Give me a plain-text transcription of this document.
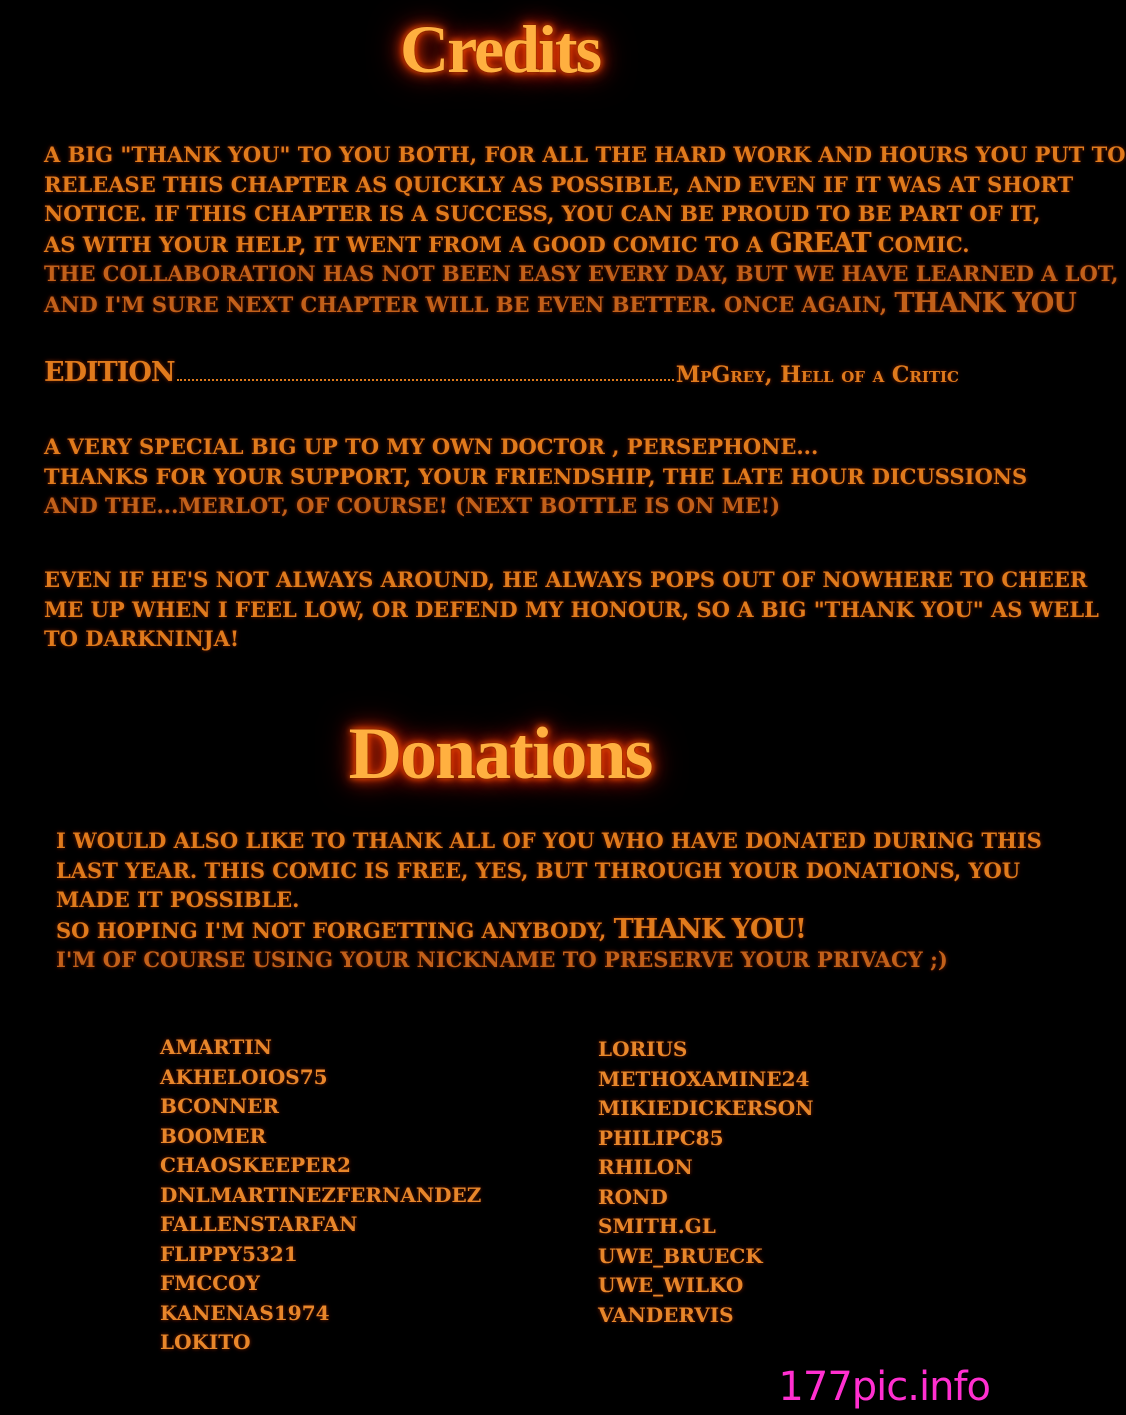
Credits
A BIG "THANK YOU" TO YOU BOTH, FOR ALL THE HARD WORK AND HOURS YOU PUT TO
RELEASE THIS CHAPTER AS QUICKLY AS POSSIBLE, AND EVEN IF IT WAS AT SHORT
NOTICE. IF THIS CHAPTER IS A SUCCESS, YOU CAN BE PROUD TO BE PART OF IT,
AS WITH YOUR HELP, IT WENT FROM A GOOD COMIC TO A GREAT COMIC.
THE COLLABORATION HAS NOT BEEN EASY EVERY DAY, BUT WE HAVE LEARNED A LOT,
AND I'M SURE NEXT CHAPTER WILL BE EVEN BETTER. ONCE AGAIN, THANK YOU
EDITION	MpGrey, Hell of a Critic
A VERY SPECIAL BIG UP TO MY OWN DOCTOR , PERSEPHONE...
THANKS FOR YOUR SUPPORT, YOUR FRIENDSHIP, THE LATE HOUR DICUSSIONS
AND THE...MERLOT, OF COURSE! (NEXT BOTTLE IS ON ME!)
EVEN IF HE'S NOT ALWAYS AROUND, HE ALWAYS POPS OUT OF NOWHERE TO CHEER
ME UP WHEN I FEEL LOW, OR DEFEND MY HONOUR, SO A BIG "THANK YOU" AS WELL
TO DARKNINJA!
Donations
I WOULD ALSO LIKE TO THANK ALL OF YOU WHO HAVE DONATED DURING THIS
LAST YEAR. THIS COMIC IS FREE, YES, BUT THROUGH YOUR DONATIONS, YOU
MADE IT POSSIBLE.
SO HOPING I'M NOT FORGETTING ANYBODY, THANK YOU!
I'M OF COURSE USING YOUR NICKNAME TO PRESERVE YOUR PRIVACY ;)
AMARTIN
AKHELOIOS75
BCONNER
BOOMER
CHAOSKEEPER2
DNLMARTINEZFERNANDEZ
FALLENSTARFAN
FLIPPY5321
FMCCOY
KANENAS1974
LOKITO
LORIUS
METHOXAMINE24
MIKIEDICKERSON
PHILIPC85
RHILON
ROND
SMITH.GL
UWE_BRUECK
UWE_WILKO
VANDERVIS
177pic.info
